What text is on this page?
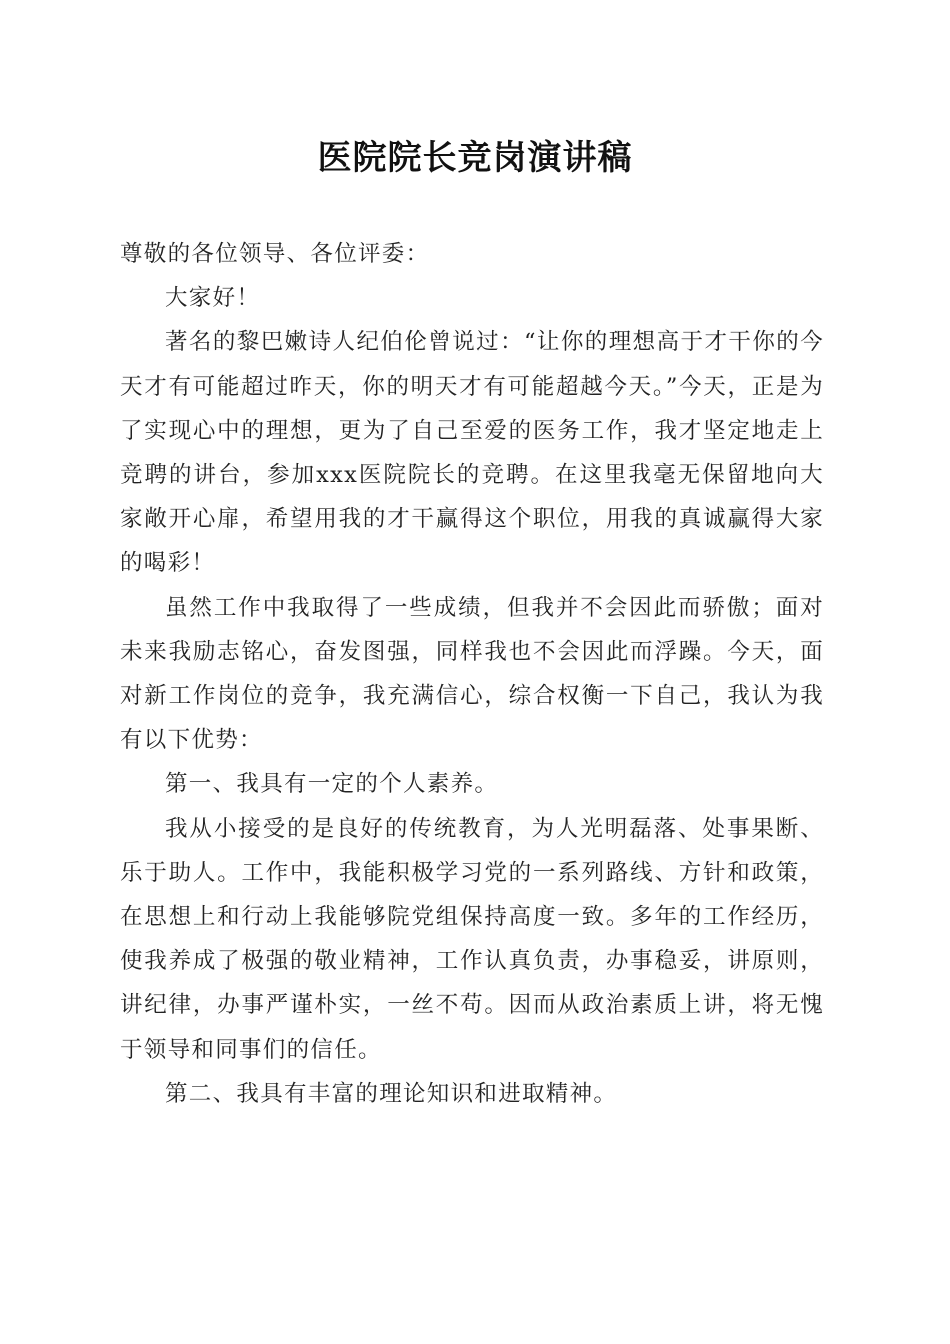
医院院长竞岗演讲稿

尊敬的各位领导、各位评委：

大家好！

著名的黎巴嫩诗人纪伯伦曾说过：“让你的理想高于才干你的今天才有可能超过昨天，你的明天才有可能超越今天。”今天，正是为了实现心中的理想，更为了自己至爱的医务工作，我才坚定地走上竞聘的讲台，参加xxx医院院长的竞聘。在这里我毫无保留地向大家敞开心扉，希望用我的才干赢得这个职位，用我的真诚赢得大家的喝彩！

虽然工作中我取得了一些成绩，但我并不会因此而骄傲；面对未来我励志铭心，奋发图强，同样我也不会因此而浮躁。今天，面对新工作岗位的竞争，我充满信心，综合权衡一下自己，我认为我有以下优势：

第一、我具有一定的个人素养。

我从小接受的是良好的传统教育，为人光明磊落、处事果断、乐于助人。工作中，我能积极学习党的一系列路线、方针和政策，在思想上和行动上我能够院党组保持高度一致。多年的工作经历，使我养成了极强的敬业精神，工作认真负责，办事稳妥，讲原则，讲纪律，办事严谨朴实，一丝不苟。因而从政治素质上讲，将无愧于领导和同事们的信任。

第二、我具有丰富的理论知识和进取精神。
